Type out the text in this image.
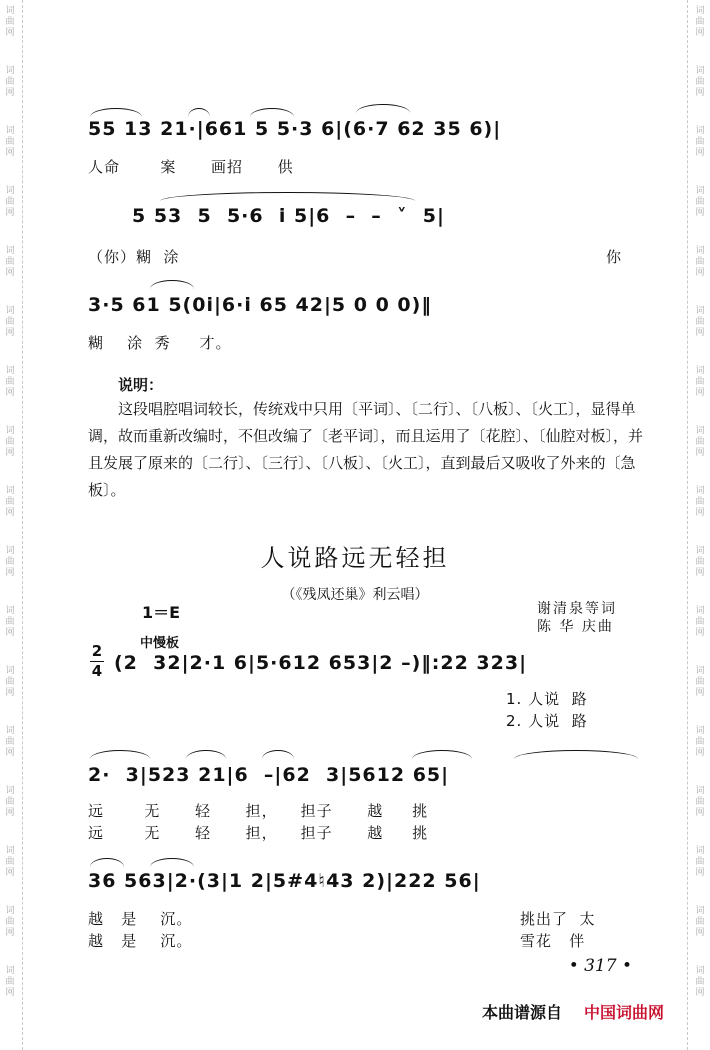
词
曲
网
词
曲
网
词
曲
网
词
曲
网
词
曲
网
词
曲
网
词
曲
网
词
曲
网
词
曲
网
词
曲
网
词
曲
网
词
曲
网
词
曲
网
词
曲
网
词
曲
网
词
曲
网
词
曲
网
词
曲
网
词
曲
网
词
曲
网
词
曲
网
词
曲
网
词
曲
网
词
曲
网
词
曲
网
词
曲
网
词
曲
网
词
曲
网
词
曲
网
词
曲
网
词
曲
网
词
曲
网
词
曲
网
词
曲
网
55 13 21·|661 5 5·3 6|(6·7 62 35 6)|
人命       案      画招      供
5 53  5  5·6  i 5|6  –  –  ˅  5|
（你）糊  涂	你
3·5 61 5(0i|6·i 65 42|5 0 0 0)‖
糊    涂  秀     才。
说明：
这段唱腔唱词较长，传统戏中只用〔平词〕、〔二行〕、〔八板〕、〔火工〕，显得单调，故而重新改编时，不但改编了〔老平词〕，而且运用了〔花腔〕、〔仙腔对板〕，并且发展了原来的〔二行〕、〔三行〕、〔八板〕、〔火工〕，直到最后又吸收了外来的〔急板〕。
人说路远无轻担
（《残凤还巢》利云唱）
1＝E	谢清泉等词
陈 华 庆曲
中慢板
2
4 (2  32|2·1 6|5·612 653|2 –)‖:22 323|
1. 人说  路
2. 人说  路
2·  3|523 21|6  –|62  3|5612 65|
远       无      轻      担，    担子      越     挑
远       无      轻      担，    担子      越     挑
36 563|2·(3|1 2|5#4♮43 2)|222 56|
越   是    沉。
越   是    沉。
挑出了  太
雪花   伴
• 317 •
本曲谱源自 中国词曲网
